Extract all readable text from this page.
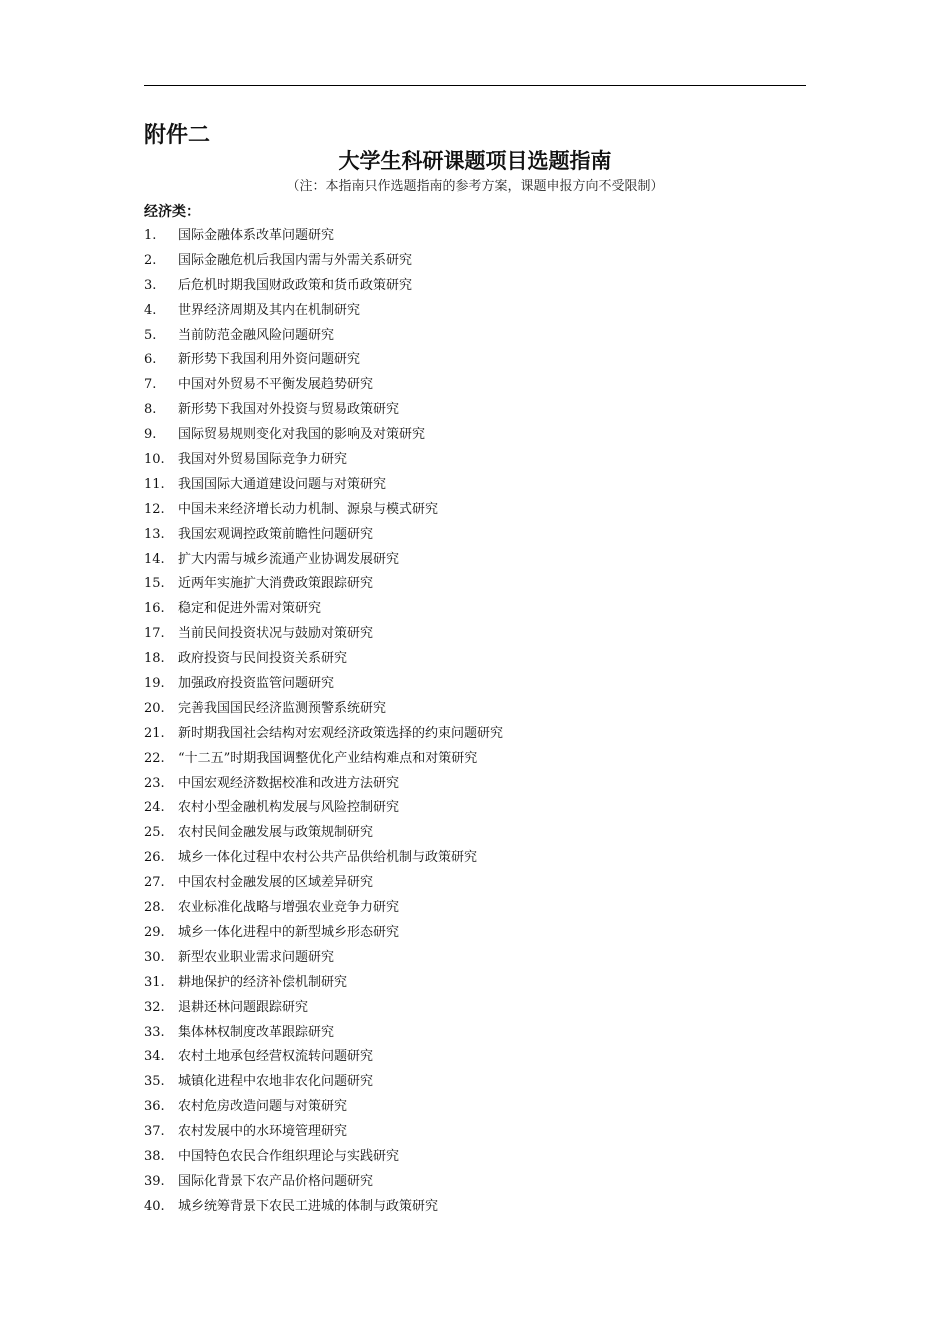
附件二
大学生科研课题项目选题指南
（注：本指南只作选题指南的参考方案，课题申报方向不受限制）
经济类：
1. 国际金融体系改革问题研究
2. 国际金融危机后我国内需与外需关系研究
3. 后危机时期我国财政政策和货币政策研究
4. 世界经济周期及其内在机制研究
5. 当前防范金融风险问题研究
6. 新形势下我国利用外资问题研究
7. 中国对外贸易不平衡发展趋势研究
8. 新形势下我国对外投资与贸易政策研究
9. 国际贸易规则变化对我国的影响及对策研究
10. 我国对外贸易国际竞争力研究
11. 我国国际大通道建设问题与对策研究
12. 中国未来经济增长动力机制、源泉与模式研究
13. 我国宏观调控政策前瞻性问题研究
14. 扩大内需与城乡流通产业协调发展研究
15. 近两年实施扩大消费政策跟踪研究
16. 稳定和促进外需对策研究
17. 当前民间投资状况与鼓励对策研究
18. 政府投资与民间投资关系研究
19. 加强政府投资监管问题研究
20. 完善我国国民经济监测预警系统研究
21. 新时期我国社会结构对宏观经济政策选择的约束问题研究
22. “十二五”时期我国调整优化产业结构难点和对策研究
23. 中国宏观经济数据校准和改进方法研究
24. 农村小型金融机构发展与风险控制研究
25. 农村民间金融发展与政策规制研究
26. 城乡一体化过程中农村公共产品供给机制与政策研究
27. 中国农村金融发展的区域差异研究
28. 农业标准化战略与增强农业竞争力研究
29. 城乡一体化进程中的新型城乡形态研究
30. 新型农业职业需求问题研究
31. 耕地保护的经济补偿机制研究
32. 退耕还林问题跟踪研究
33. 集体林权制度改革跟踪研究
34. 农村土地承包经营权流转问题研究
35. 城镇化进程中农地非农化问题研究
36. 农村危房改造问题与对策研究
37. 农村发展中的水环境管理研究
38. 中国特色农民合作组织理论与实践研究
39. 国际化背景下农产品价格问题研究
40. 城乡统筹背景下农民工进城的体制与政策研究
